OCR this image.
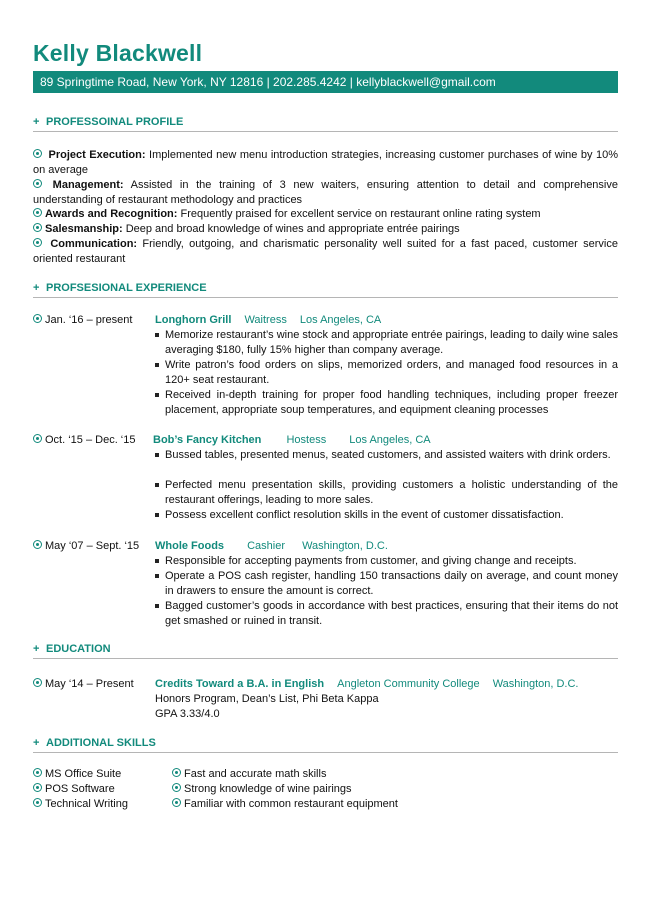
Kelly Blackwell
89 Springtime Road, New York, NY 12816 | 202.285.4242 | kellyblackwell@gmail.com
+ PROFESSOINAL PROFILE
Project Execution: Implemented new menu introduction strategies, increasing customer purchases of wine by 10% on average
Management: Assisted in the training of 3 new waiters, ensuring attention to detail and comprehensive understanding of restaurant methodology and practices
Awards and Recognition: Frequently praised for excellent service on restaurant online rating system
Salesmanship: Deep and broad knowledge of wines and appropriate entrée pairings
Communication: Friendly, outgoing, and charismatic personality well suited for a fast paced, customer service oriented restaurant
+ PROFSESIONAL EXPERIENCE
Jan. ‘16 – present Longhorn Grill Waitress Los Angeles, CA
Memorize restaurant’s wine stock and appropriate entrée pairings, leading to daily wine sales averaging $180, fully 15% higher than company average.
Write patron’s food orders on slips, memorized orders, and managed food resources in a 120+ seat restaurant.
Received in-depth training for proper food handling techniques, including proper freezer placement, appropriate soup temperatures, and equipment cleaning processes
Oct. ‘15 – Dec. ‘15 Bob’s Fancy Kitchen Hostess Los Angeles, CA
Bussed tables, presented menus, seated customers, and assisted waiters with drink orders.
Perfected menu presentation skills, providing customers a holistic understanding of the restaurant offerings, leading to more sales.
Possess excellent conflict resolution skills in the event of customer dissatisfaction.
May ‘07 – Sept. ‘15 Whole Foods Cashier Washington, D.C.
Responsible for accepting payments from customer, and giving change and receipts.
Operate a POS cash register, handling 150 transactions daily on average, and count money in drawers to ensure the amount is correct.
Bagged customer’s goods in accordance with best practices, ensuring that their items do not get smashed or ruined in transit.
+ EDUCATION
May ‘14 – Present Credits Toward a B.A. in English Angleton Community College Washington, D.C.
Honors Program, Dean’s List, Phi Beta Kappa
GPA 3.33/4.0
+ ADDITIONAL SKILLS
MS Office Suite
POS Software
Technical Writing
Fast and accurate math skills
Strong knowledge of wine pairings
Familiar with common restaurant equipment
